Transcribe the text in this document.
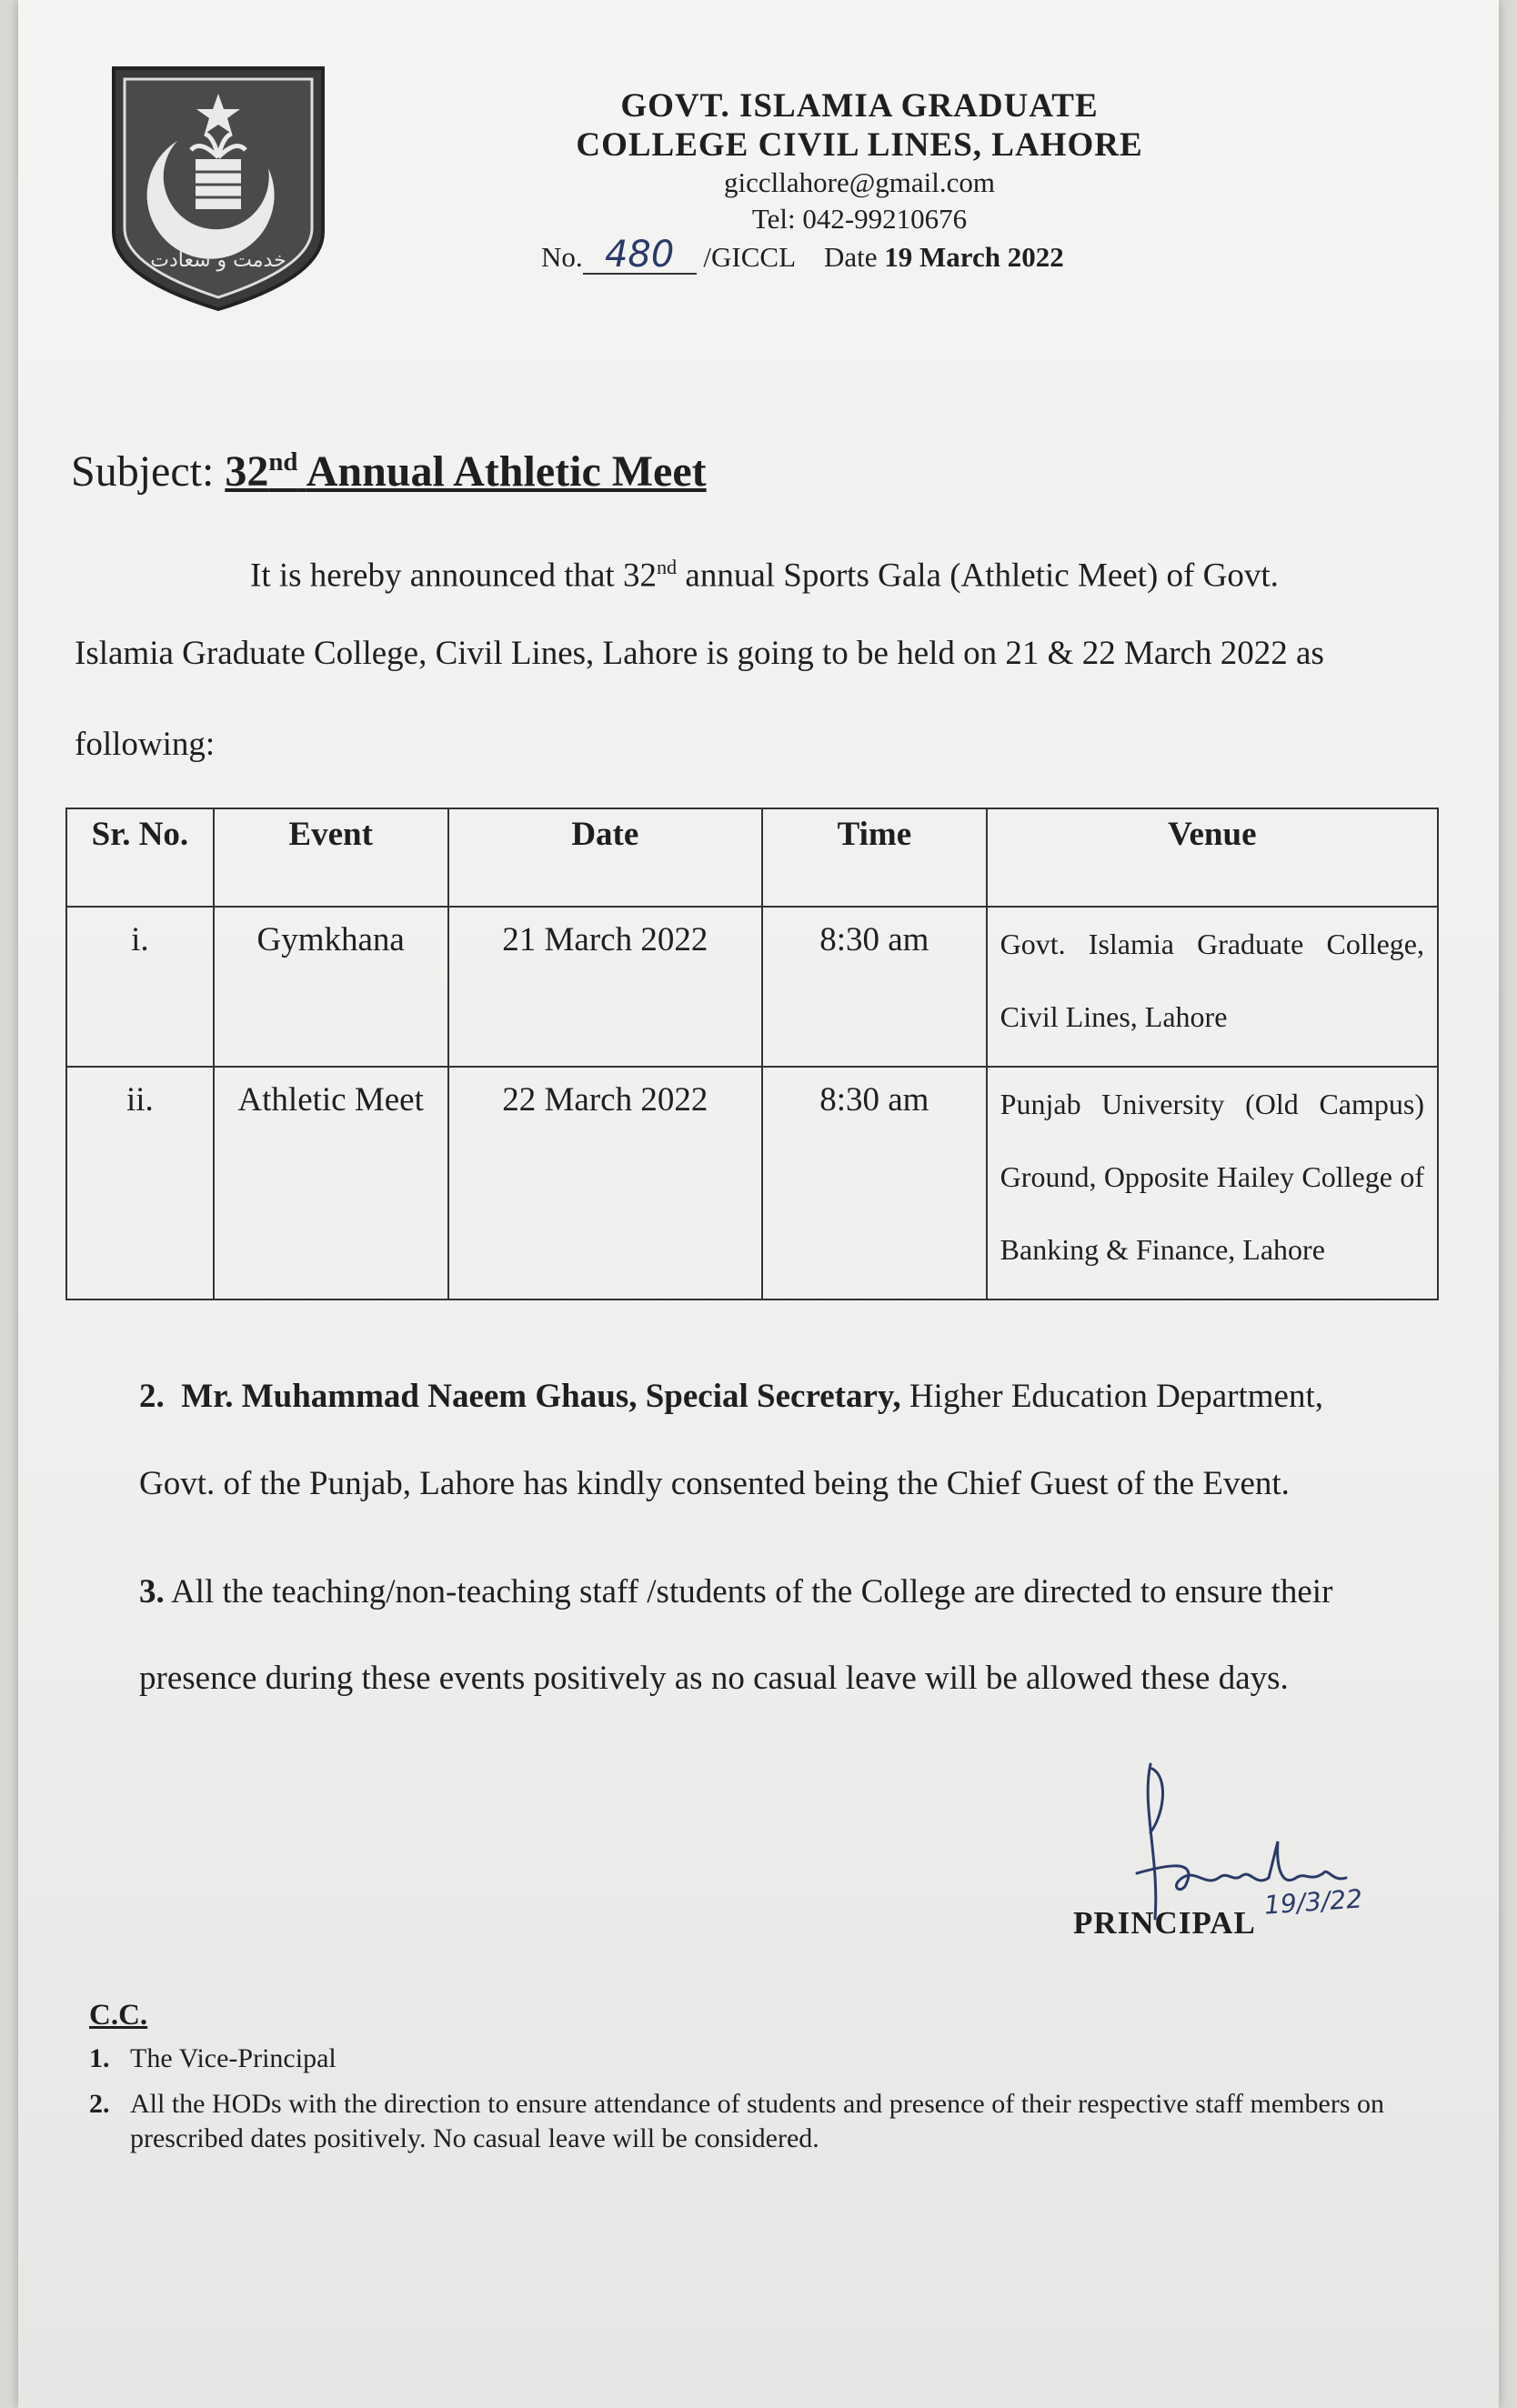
خدمت و سعادت
GOVT. ISLAMIA GRADUATE
COLLEGE CIVIL LINES, LAHORE
giccllahore@gmail.com
Tel: 042-99210676
No. 480 /GICCL Date 19 March 2022
Subject: 32nd Annual Athletic Meet
It is hereby announced that 32nd annual Sports Gala (Athletic Meet) of Govt.
Islamia Graduate College, Civil Lines, Lahore is going to be held on 21 & 22 March 2022 as
following:
Sr. No.	Event	Date	Time	Venue
i.	Gymkhana	21 March 2022	8:30 am	Govt. Islamia Graduate College, Civil Lines, Lahore
ii.	Athletic Meet	22 March 2022	8:30 am	Punjab University (Old Campus) Ground, Opposite Hailey College of Banking & Finance, Lahore
2. Mr. Muhammad Naeem Ghaus, Special Secretary, Higher Education Department,
Govt. of the Punjab, Lahore has kindly consented being the Chief Guest of the Event.
3. All the teaching/non-teaching staff /students of the College are directed to ensure their
presence during these events positively as no casual leave will be allowed these days.
PRINCIPAL
19/3/22
C.C.
1. The Vice-Principal
2. All the HODs with the direction to ensure attendance of students and presence of their respective staff members on prescribed dates positively. No casual leave will be considered.
